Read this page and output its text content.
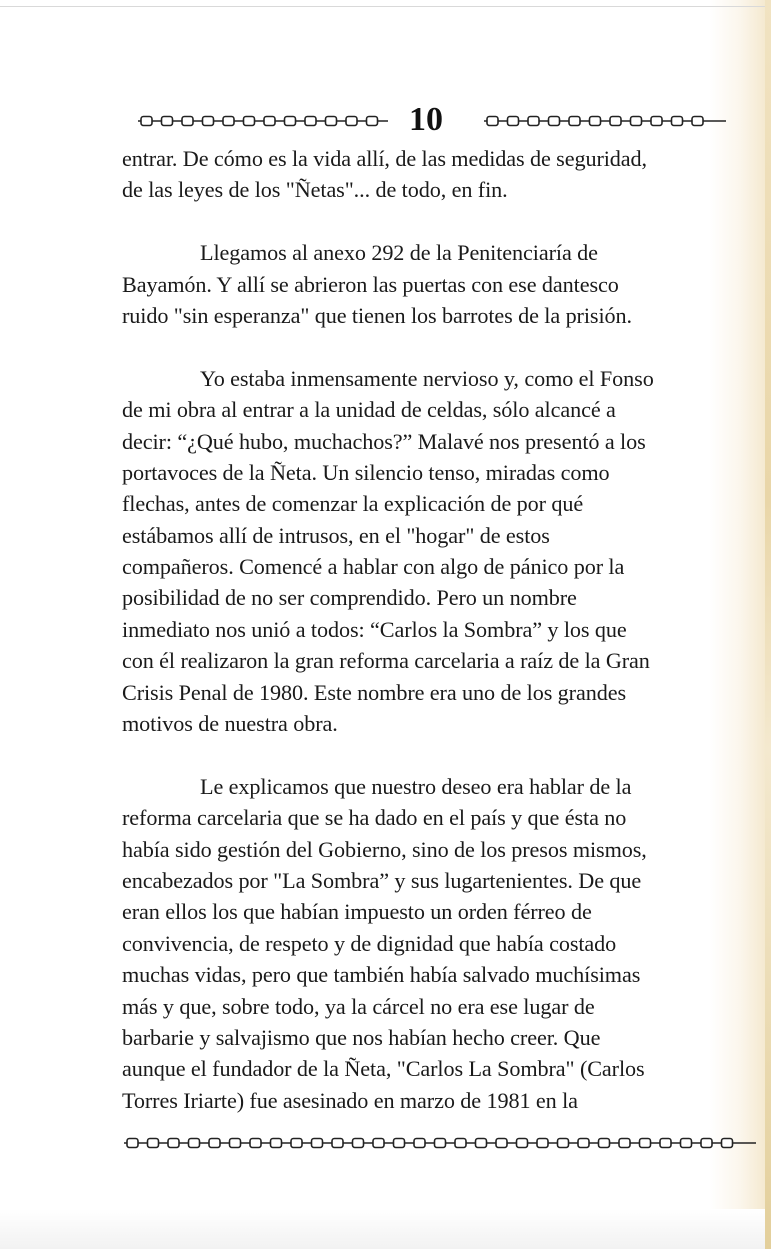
10
entrar. De cómo es la vida allí, de las medidas de seguridad,
de las leyes de los "Ñetas"... de todo, en fin.
Llegamos al anexo 292 de la Penitenciaría de
Bayamón. Y allí se abrieron las puertas con ese dantesco
ruido "sin esperanza" que tienen los barrotes de la prisión.
Yo estaba inmensamente nervioso y, como el Fonso
de mi obra al entrar a la unidad de celdas, sólo alcancé a
decir: “¿Qué hubo, muchachos?” Malavé nos presentó a los
portavoces de la Ñeta. Un silencio tenso, miradas como
flechas, antes de comenzar la explicación de por qué
estábamos allí de intrusos, en el "hogar" de estos
compañeros. Comencé a hablar con algo de pánico por la
posibilidad de no ser comprendido. Pero un nombre
inmediato nos unió a todos: “Carlos la Sombra” y los que
con él realizaron la gran reforma carcelaria a raíz de la Gran
Crisis Penal de 1980. Este nombre era uno de los grandes
motivos de nuestra obra.
Le explicamos que nuestro deseo era hablar de la
reforma carcelaria que se ha dado en el país y que ésta no
había sido gestión del Gobierno, sino de los presos mismos,
encabezados por "La Sombra” y sus lugartenientes. De que
eran ellos los que habían impuesto un orden férreo de
convivencia, de respeto y de dignidad que había costado
muchas vidas, pero que también había salvado muchísimas
más y que, sobre todo, ya la cárcel no era ese lugar de
barbarie y salvajismo que nos habían hecho creer. Que
aunque el fundador de la Ñeta, "Carlos La Sombra" (Carlos
Torres Iriarte) fue asesinado en marzo de 1981 en la
